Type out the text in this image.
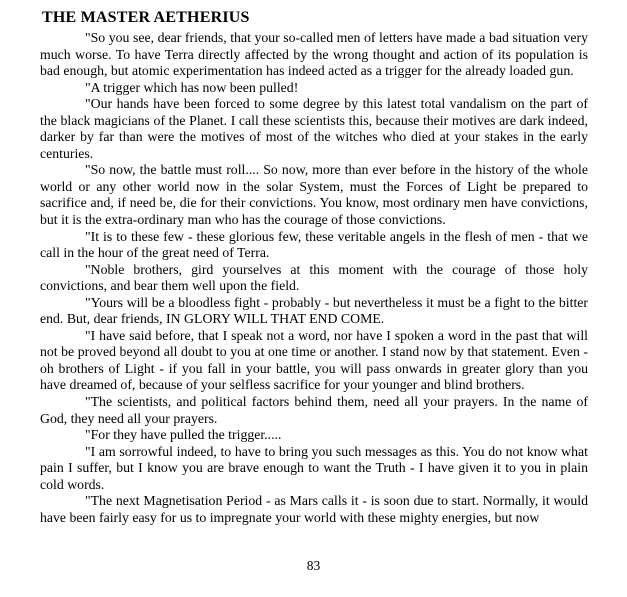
THE MASTER AETHERIUS

"So you see, dear friends, that your so-called men of letters have made a bad situation very much worse. To have Terra directly affected by the wrong thought and action of its population is bad enough, but atomic experimentation has indeed acted as a trigger for the already loaded gun.

"A trigger which has now been pulled!

"Our hands have been forced to some degree by this latest total vandalism on the part of the black magicians of the Planet. I call these scientists this, because their motives are dark indeed, darker by far than were the motives of most of the witches who died at your stakes in the early centuries.

"So now, the battle must roll.... So now, more than ever before in the history of the whole world or any other world now in the solar System, must the Forces of Light be prepared to sacrifice and, if need be, die for their convictions. You know, most ordinary men have convictions, but it is the extra-ordinary man who has the courage of those convictions.

"It is to these few - these glorious few, these veritable angels in the flesh of men - that we call in the hour of the great need of Terra.

"Noble brothers, gird yourselves at this moment with the courage of those holy convictions, and bear them well upon the field.

"Yours will be a bloodless fight - probably - but nevertheless it must be a fight to the bitter end. But, dear friends, IN GLORY WILL THAT END COME.

"I have said before, that I speak not a word, nor have I spoken a word in the past that will not be proved beyond all doubt to you at one time or another. I stand now by that statement. Even - oh brothers of Light - if you fall in your battle, you will pass onwards in greater glory than you have dreamed of, because of your selfless sacrifice for your younger and blind brothers.

"The scientists, and political factors behind them, need all your prayers. In the name of God, they need all your prayers.

"For they have pulled the trigger.....

"I am sorrowful indeed, to have to bring you such messages as this. You do not know what pain I suffer, but I know you are brave enough to want the Truth - I have given it to you in plain cold words.

"The next Magnetisation Period - as Mars calls it - is soon due to start. Normally, it would have been fairly easy for us to impregnate your world with these mighty energies, but now

83
